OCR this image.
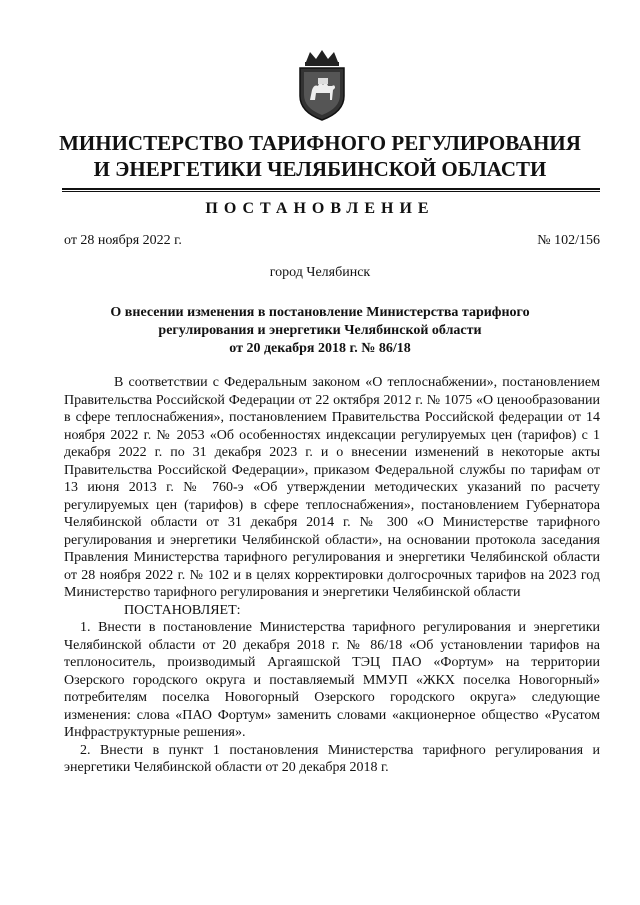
МИНИСТЕРСТВО ТАРИФНОГО РЕГУЛИРОВАНИЯ
И ЭНЕРГЕТИКИ ЧЕЛЯБИНСКОЙ ОБЛАСТИ
ПОСТАНОВЛЕНИЕ
от 28 ноября 2022 г.	№ 102/156
город Челябинск
О внесении изменения в постановление Министерства тарифного
регулирования и энергетики Челябинской области
от 20 декабря 2018 г. № 86/18

В соответствии с Федеральным законом «О теплоснабжении», постановлением Правительства Российской Федерации от 22 октября 2012 г. № 1075 «О ценообразовании в сфере теплоснабжения», постановлением Правительства Российской федерации от 14 ноября 2022 г. № 2053 «Об особенностях индексации регулируемых цен (тарифов) с 1 декабря 2022 г. по 31 декабря 2023 г. и о внесении изменений в некоторые акты Правительства Российской Федерации», приказом Федеральной службы по тарифам от 13 июня 2013 г. № 760-э «Об утверждении методических указаний по расчету регулируемых цен (тарифов) в сфере теплоснабжения», постановлением Губернатора Челябинской области от 31 декабря 2014 г. № 300 «О Министерстве тарифного регулирования и энергетики Челябинской области», на основании протокола заседания Правления Министерства тарифного регулирования и энергетики Челябинской области от 28 ноября 2022 г. № 102 и в целях корректировки долгосрочных тарифов на 2023 год Министерство тарифного регулирования и энергетики Челябинской области

ПОСТАНОВЛЯЕТ:

1. Внести в постановление Министерства тарифного регулирования и энергетики Челябинской области от 20 декабря 2018 г. № 86/18 «Об установлении тарифов на теплоноситель, производимый Аргаяшской ТЭЦ ПАО «Фортум» на территории Озерского городского округа и поставляемый ММУП «ЖКХ поселка Новогорный» потребителям поселка Новогорный Озерского городского округа» следующие изменения: слова «ПАО Фортум» заменить словами «акционерное общество «Русатом Инфраструктурные решения».

2. Внести в пункт 1 постановления Министерства тарифного регулирования и энергетики Челябинской области от 20 декабря 2018 г.
